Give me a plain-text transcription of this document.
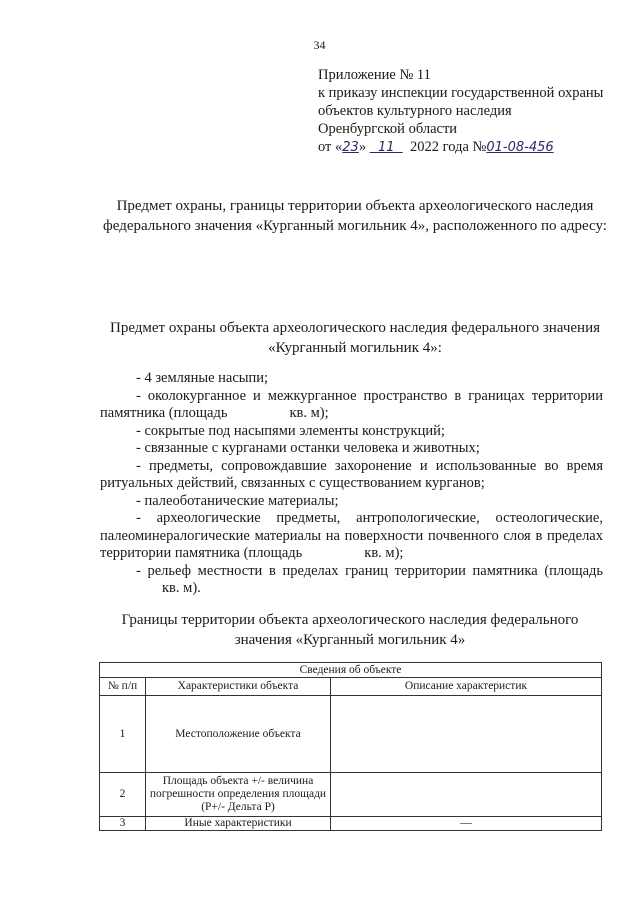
34
Приложение № 11
к приказу инспекции государственной охраны
объектов культурного наследия
Оренбургской области
от «23» 11 2022 года №01-08-456
Предмет охраны, границы территории объекта археологического наследия федерального значения «Курганный могильник 4», расположенного по адресу:
Предмет охраны объекта археологического наследия федерального значения «Курганный могильник 4»:

- 4 земляные насыпи;

- околокурганное и межкурганное пространство в границах территории памятника (площадь	кв. м);

- сокрытые под насыпями элементы конструкций;

- связанные с курганами останки человека и животных;

- предметы, сопровождавшие захоронение и использованные во время ритуальных действий, связанных с существованием курганов;

- палеоботанические материалы;

- археологические предметы, антропологические, остеологические, палеоминералогические материалы на поверхности почвенного слоя в пределах территории памятника (площадь	кв. м);

- рельеф местности в пределах границ территории памятника (площадькв. м).

Границы территории объекта археологического наследия федерального значения «Курганный могильник 4»
Сведения об объекте		
№ п/п	Характеристики объекта	Описание характеристик
1	Местоположение объекта	
2	Площадь объекта +/- величина погрешности определения площади (P+/- Дельта P)	
3	Иные характеристики	—
